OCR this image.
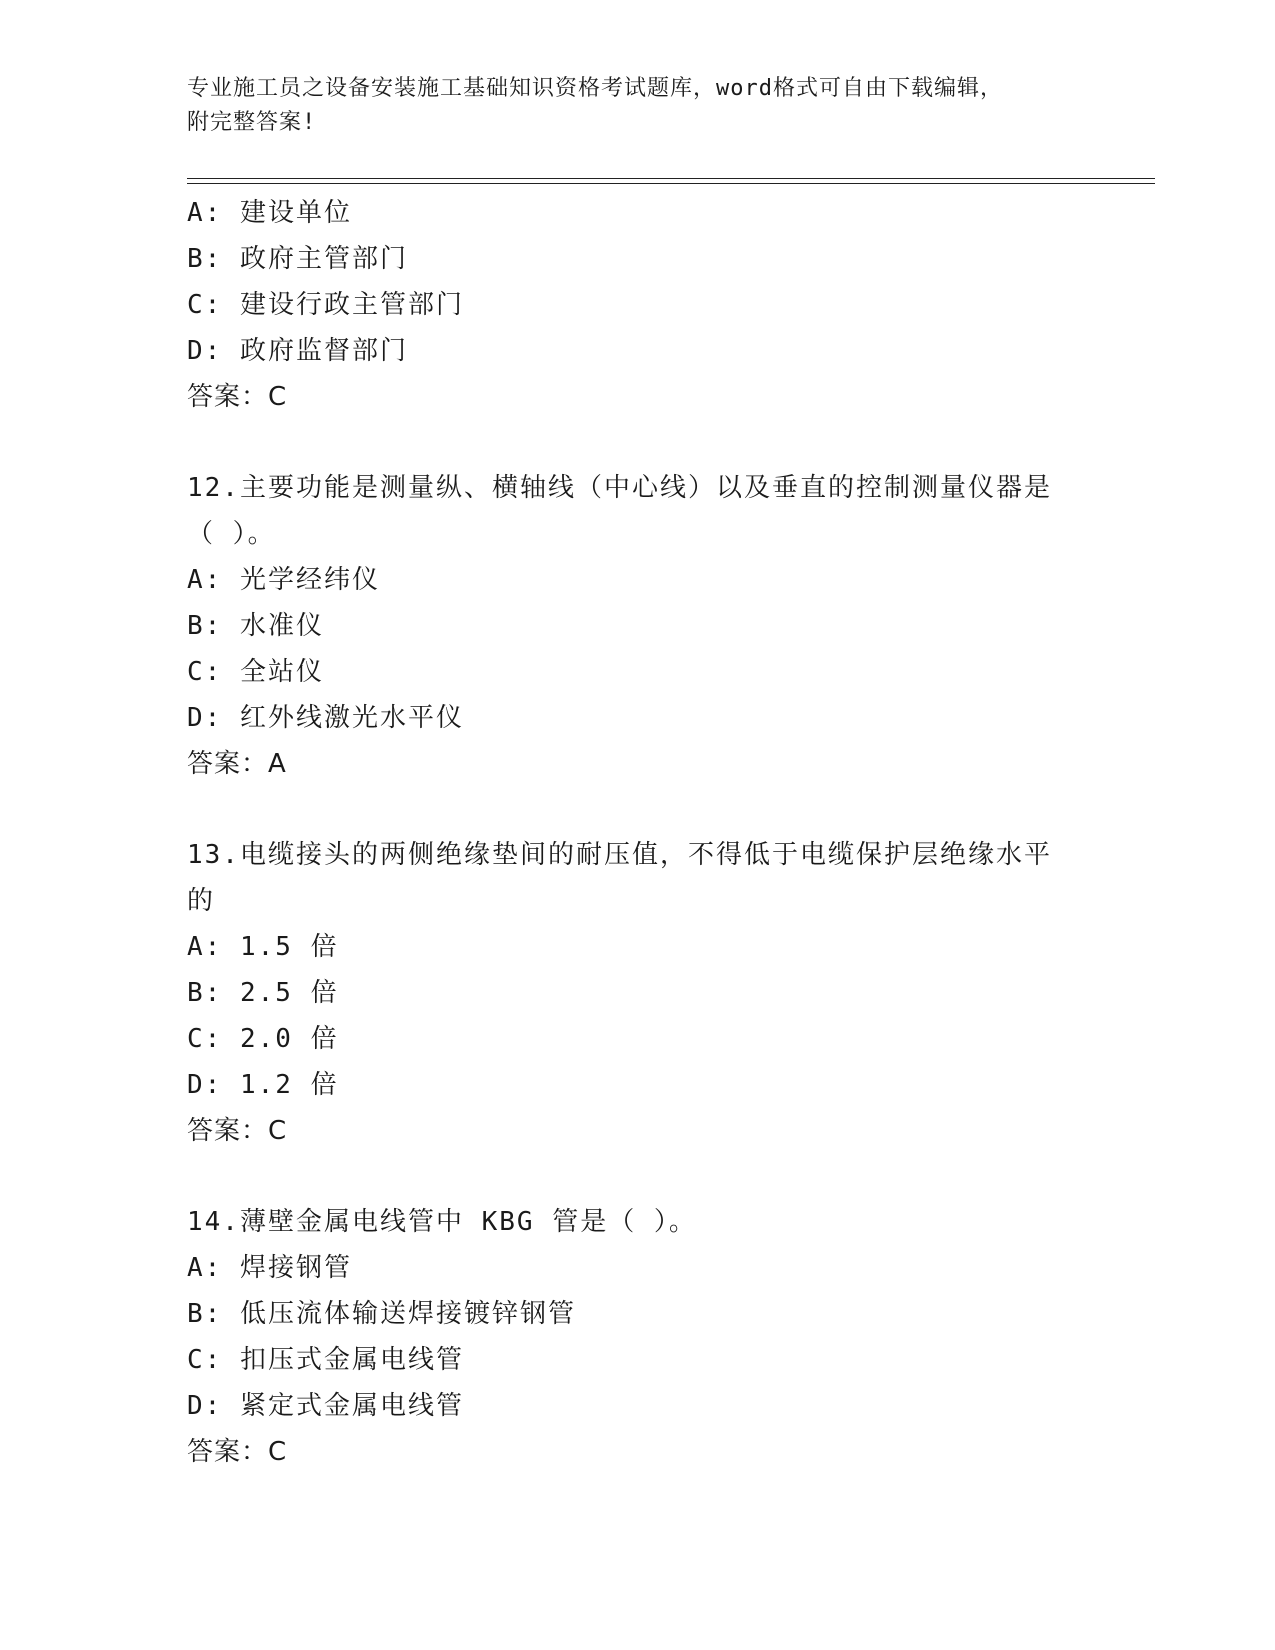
专业施工员之设备安装施工基础知识资格考试题库，word格式可自由下载编辑，
附完整答案!
A: 建设单位
B: 政府主管部门
C: 建设行政主管部门
D: 政府监督部门
答案：C
12.主要功能是测量纵、横轴线（中心线）以及垂直的控制测量仪器是
（ ）。
A: 光学经纬仪
B: 水准仪
C: 全站仪
D: 红外线激光水平仪
答案：A
13.电缆接头的两侧绝缘垫间的耐压值，不得低于电缆保护层绝缘水平
的
A: 1.5 倍
B: 2.5 倍
C: 2.0 倍
D: 1.2 倍
答案：C
14.薄壁金属电线管中 KBG 管是（ ）。
A: 焊接钢管
B: 低压流体输送焊接镀锌钢管
C: 扣压式金属电线管
D: 紧定式金属电线管
答案：C
